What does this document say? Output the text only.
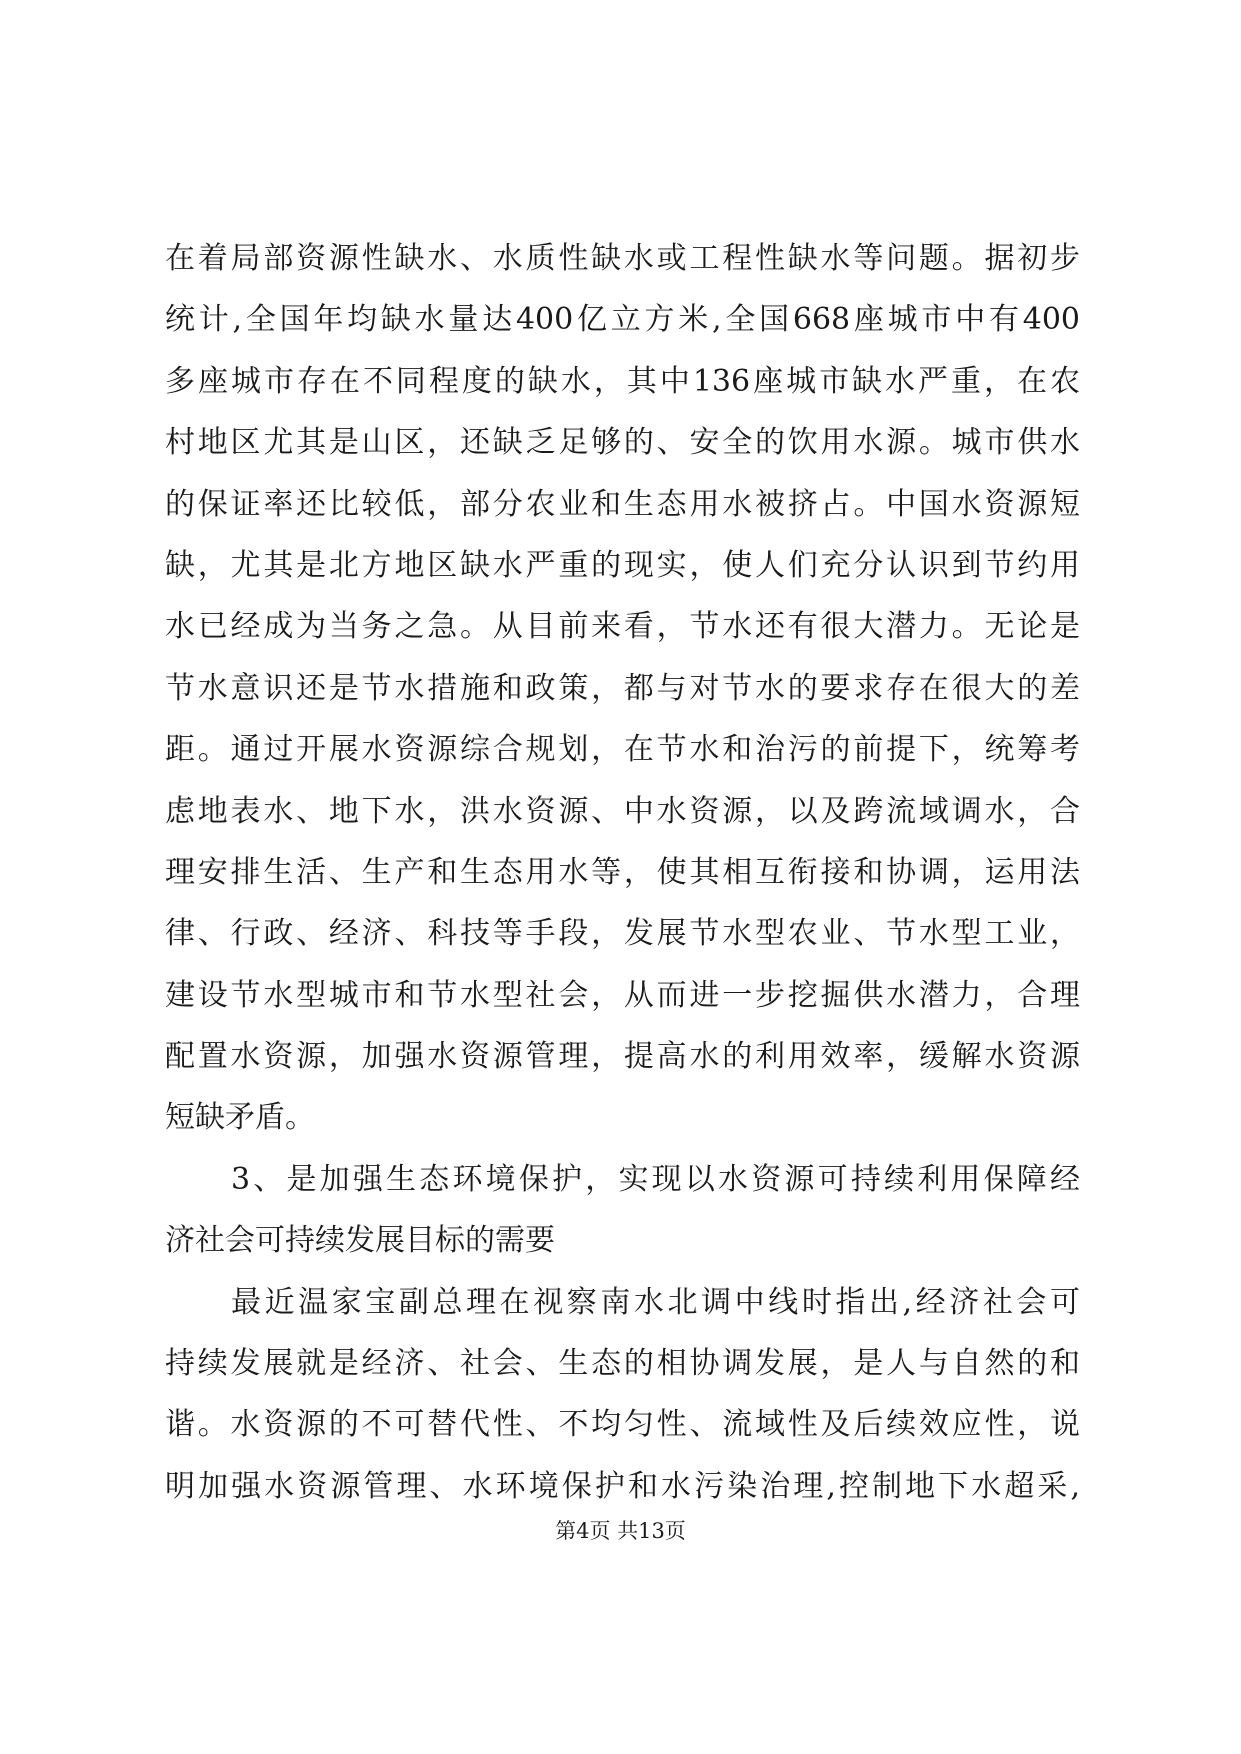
在着局部资源性缺水、水质性缺水或工程性缺水等问题。据初步
统计,全国年均缺水量达400亿立方米,全国668座城市中有400
多座城市存在不同程度的缺水，其中136座城市缺水严重，在农
村地区尤其是山区，还缺乏足够的、安全的饮用水源。城市供水
的保证率还比较低，部分农业和生态用水被挤占。中国水资源短
缺，尤其是北方地区缺水严重的现实，使人们充分认识到节约用
水已经成为当务之急。从目前来看，节水还有很大潜力。无论是
节水意识还是节水措施和政策，都与对节水的要求存在很大的差
距。通过开展水资源综合规划，在节水和治污的前提下，统筹考
虑地表水、地下水，洪水资源、中水资源，以及跨流域调水，合
理安排生活、生产和生态用水等，使其相互衔接和协调，运用法
律、行政、经济、科技等手段，发展节水型农业、节水型工业，
建设节水型城市和节水型社会，从而进一步挖掘供水潜力，合理
配置水资源，加强水资源管理，提高水的利用效率，缓解水资源
短缺矛盾。
3、是加强生态环境保护，实现以水资源可持续利用保障经
济社会可持续发展目标的需要
最近温家宝副总理在视察南水北调中线时指出,经济社会可
持续发展就是经济、社会、生态的相协调发展，是人与自然的和
谐。水资源的不可替代性、不均匀性、流域性及后续效应性，说
明加强水资源管理、水环境保护和水污染治理,控制地下水超采,
第4页 共13页
